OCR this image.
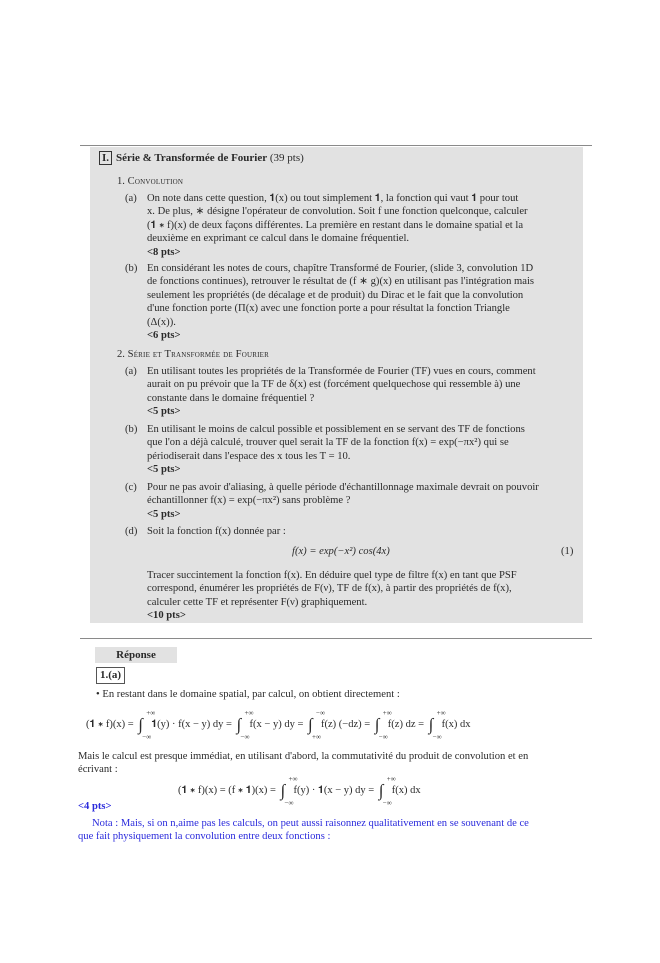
I. Série & Transformée de Fourier (39 pts)
1. Convolution
(a) On note dans cette question, 𝟏(x) ou tout simplement 𝟏, la fonction qui vaut 𝟏 pour tout
x. De plus, ∗ désigne l'opérateur de convolution. Soit f une fonction quelconque, calculer
(𝟏 ∗ f)(x) de deux façons différentes. La première en restant dans le domaine spatial et la
deuxième en exprimant ce calcul dans le domaine fréquentiel.
<8 pts>
(b) En considérant les notes de cours, chapître Transformé de Fourier, (slide 3, convolution 1D
de fonctions continues), retrouver le résultat de (f ∗ g)(x) en utilisant pas l'intégration mais
seulement les propriétés (de décalage et de produit) du Dirac et le fait que la convolution
d'une fonction porte (Π(x) avec une fonction porte a pour résultat la fonction Triangle
(Δ(x)).
<6 pts>
2. Série et Transformée de Fourier
(a) En utilisant toutes les propriétés de la Transformée de Fourier (TF) vues en cours, comment
aurait on pu prévoir que la TF de δ(x) est (forcément quelquechose qui ressemble à) une
constante dans le domaine fréquentiel ?
<5 pts>
(b) En utilisant le moins de calcul possible et possiblement en se servant des TF de fonctions
que l'on a déjà calculé, trouver quel serait la TF de la fonction f(x) = exp(−πx²) qui se
périodiserait dans l'espace des x tous les T = 10.
<5 pts>
(c) Pour ne pas avoir d'aliasing, à quelle période d'échantillonnage maximale devrait on pouvoir
échantillonner f(x) = exp(−πx²) sans problème ?
<5 pts>
(d) Soit la fonction f(x) donnée par :
f(x) = exp(−x²) cos(4x)	(1)
Tracer succintement la fonction f(x). En déduire quel type de filtre f(x) en tant que PSF
correspond, énumérer les propriétés de F(ν), TF de f(x), à partir des propriétés de f(x),
calculer cette TF et représenter F(ν) graphiquement.
<10 pts>
Réponse
1.(a)
• En restant dans le domaine spatial, par calcul, on obtient directement :
(𝟏 ∗ f)(x) = ∫
+∞
−∞
𝟏(y) · f(x − y) dy = ∫
+∞
−∞
f(x − y) dy = ∫
−∞
+∞
f(z) (−dz) = ∫
+∞
−∞
f(z) dz = ∫
+∞
−∞
f(x) dx
Mais le calcul est presque immédiat, en utilisant d'abord, la commutativité du produit de convolution et en
écrivant :
(𝟏 ∗ f)(x) = (f ∗ 𝟏)(x) = ∫
+∞
−∞
f(y) · 𝟏(x − y) dy = ∫
+∞
−∞
f(x) dx
<4 pts>
Nota : Mais, si on n,aime pas les calculs, on peut aussi raisonnez qualitativement en se souvenant de ce
que fait physiquement la convolution entre deux fonctions :
